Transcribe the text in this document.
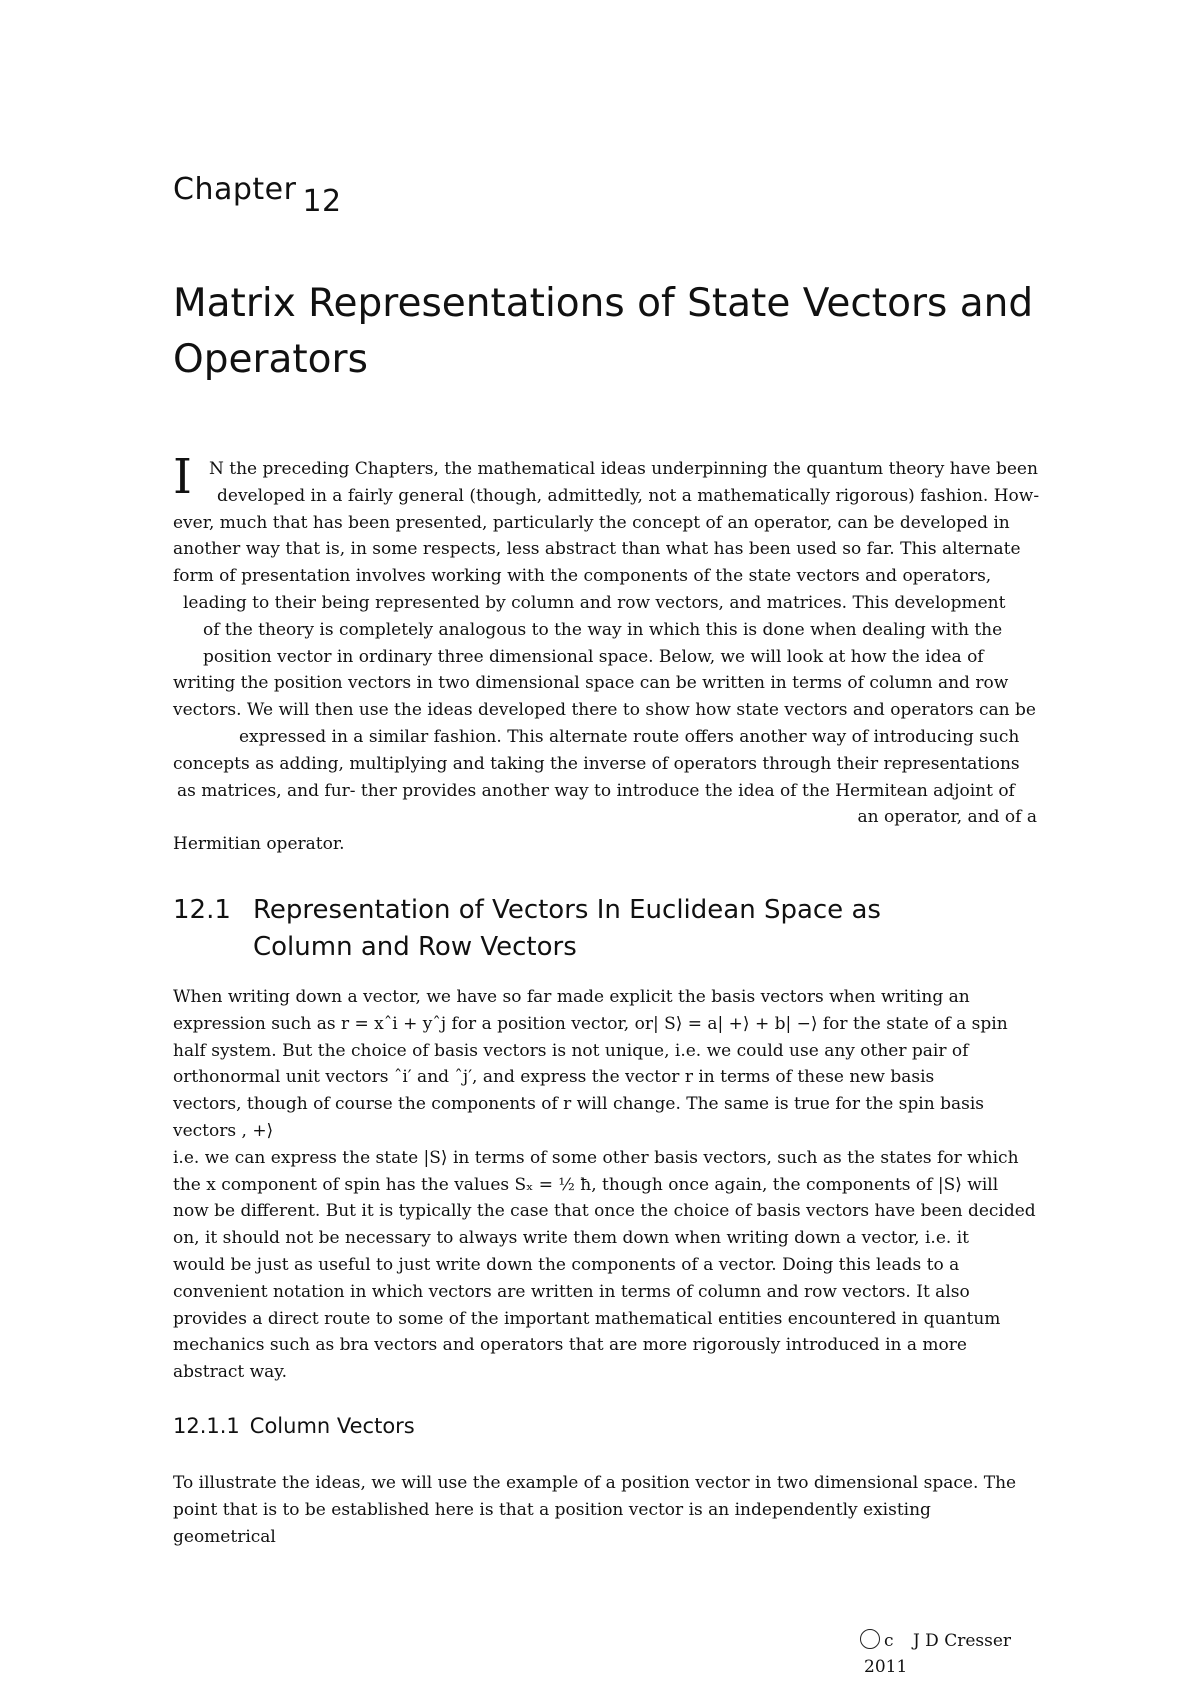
Chapter 12
Matrix Representations of State Vectors and Operators
I	N the preceding Chapters, the mathematical ideas underpinning the quantum theory have been
developed in a fairly general (though, admittedly, not a mathematically rigorous) fashion. How-
ever, much that has been presented, particularly the concept of an operator, can be developed in
another way that is, in some respects, less abstract than what has been used so far. This alternate
form of presentation involves working with the components of the state vectors and operators,
leading to their being represented by column and row vectors, and matrices. This development
of the theory is completely analogous to the way in which this is done when dealing with the
position vector in ordinary three dimensional space. Below, we will look at how the idea of
writing the position vectors in two dimensional space can be written in terms of column and row
vectors. We will then use the ideas developed there to show how state vectors and operators can be
expressed in a similar fashion. This alternate route offers another way of introducing such
concepts as adding, multiplying and taking the inverse of operators through their representations
as matrices, and fur- ther provides another way to introduce the idea of the Hermitean adjoint of
an operator, and of a
Hermitian operator.
12.1 Representation of Vectors In Euclidean Space as
Column and Row Vectors
When writing down a vector, we have so far made explicit the basis vectors when writing an
expression such as r = xˆi + yˆj for a position vector, or| S⟩ = a| +⟩ + b| −⟩ for the state of a spin
half system. But the choice of basis vectors is not unique, i.e. we could use any other pair of
orthonormal unit vectors ˆi′ and ˆj′, and express the vector r in terms of these new basis
vectors, though of course the components of r will change. The same is true for the spin basis
vectors , +⟩
i.e. we can express the state |S⟩ in terms of some other basis vectors, such as the states for which
the x component of spin has the values Sₓ = ½ ħ, though once again, the components of |S⟩ will
now be different. But it is typically the case that once the choice of basis vectors have been decided
on, it should not be necessary to always write them down when writing down a vector, i.e. it
would be just as useful to just write down the components of a vector. Doing this leads to a
convenient notation in which vectors are written in terms of column and row vectors. It also
provides a direct route to some of the important mathematical entities encountered in quantum
mechanics such as bra vectors and operators that are more rigorously introduced in a more
abstract way.
12.1.1 Column Vectors
To illustrate the ideas, we will use the example of a position vector in two dimensional space. The
point that is to be established here is that a position vector is an independently existing
geometrical
c J D Cresser
2011
